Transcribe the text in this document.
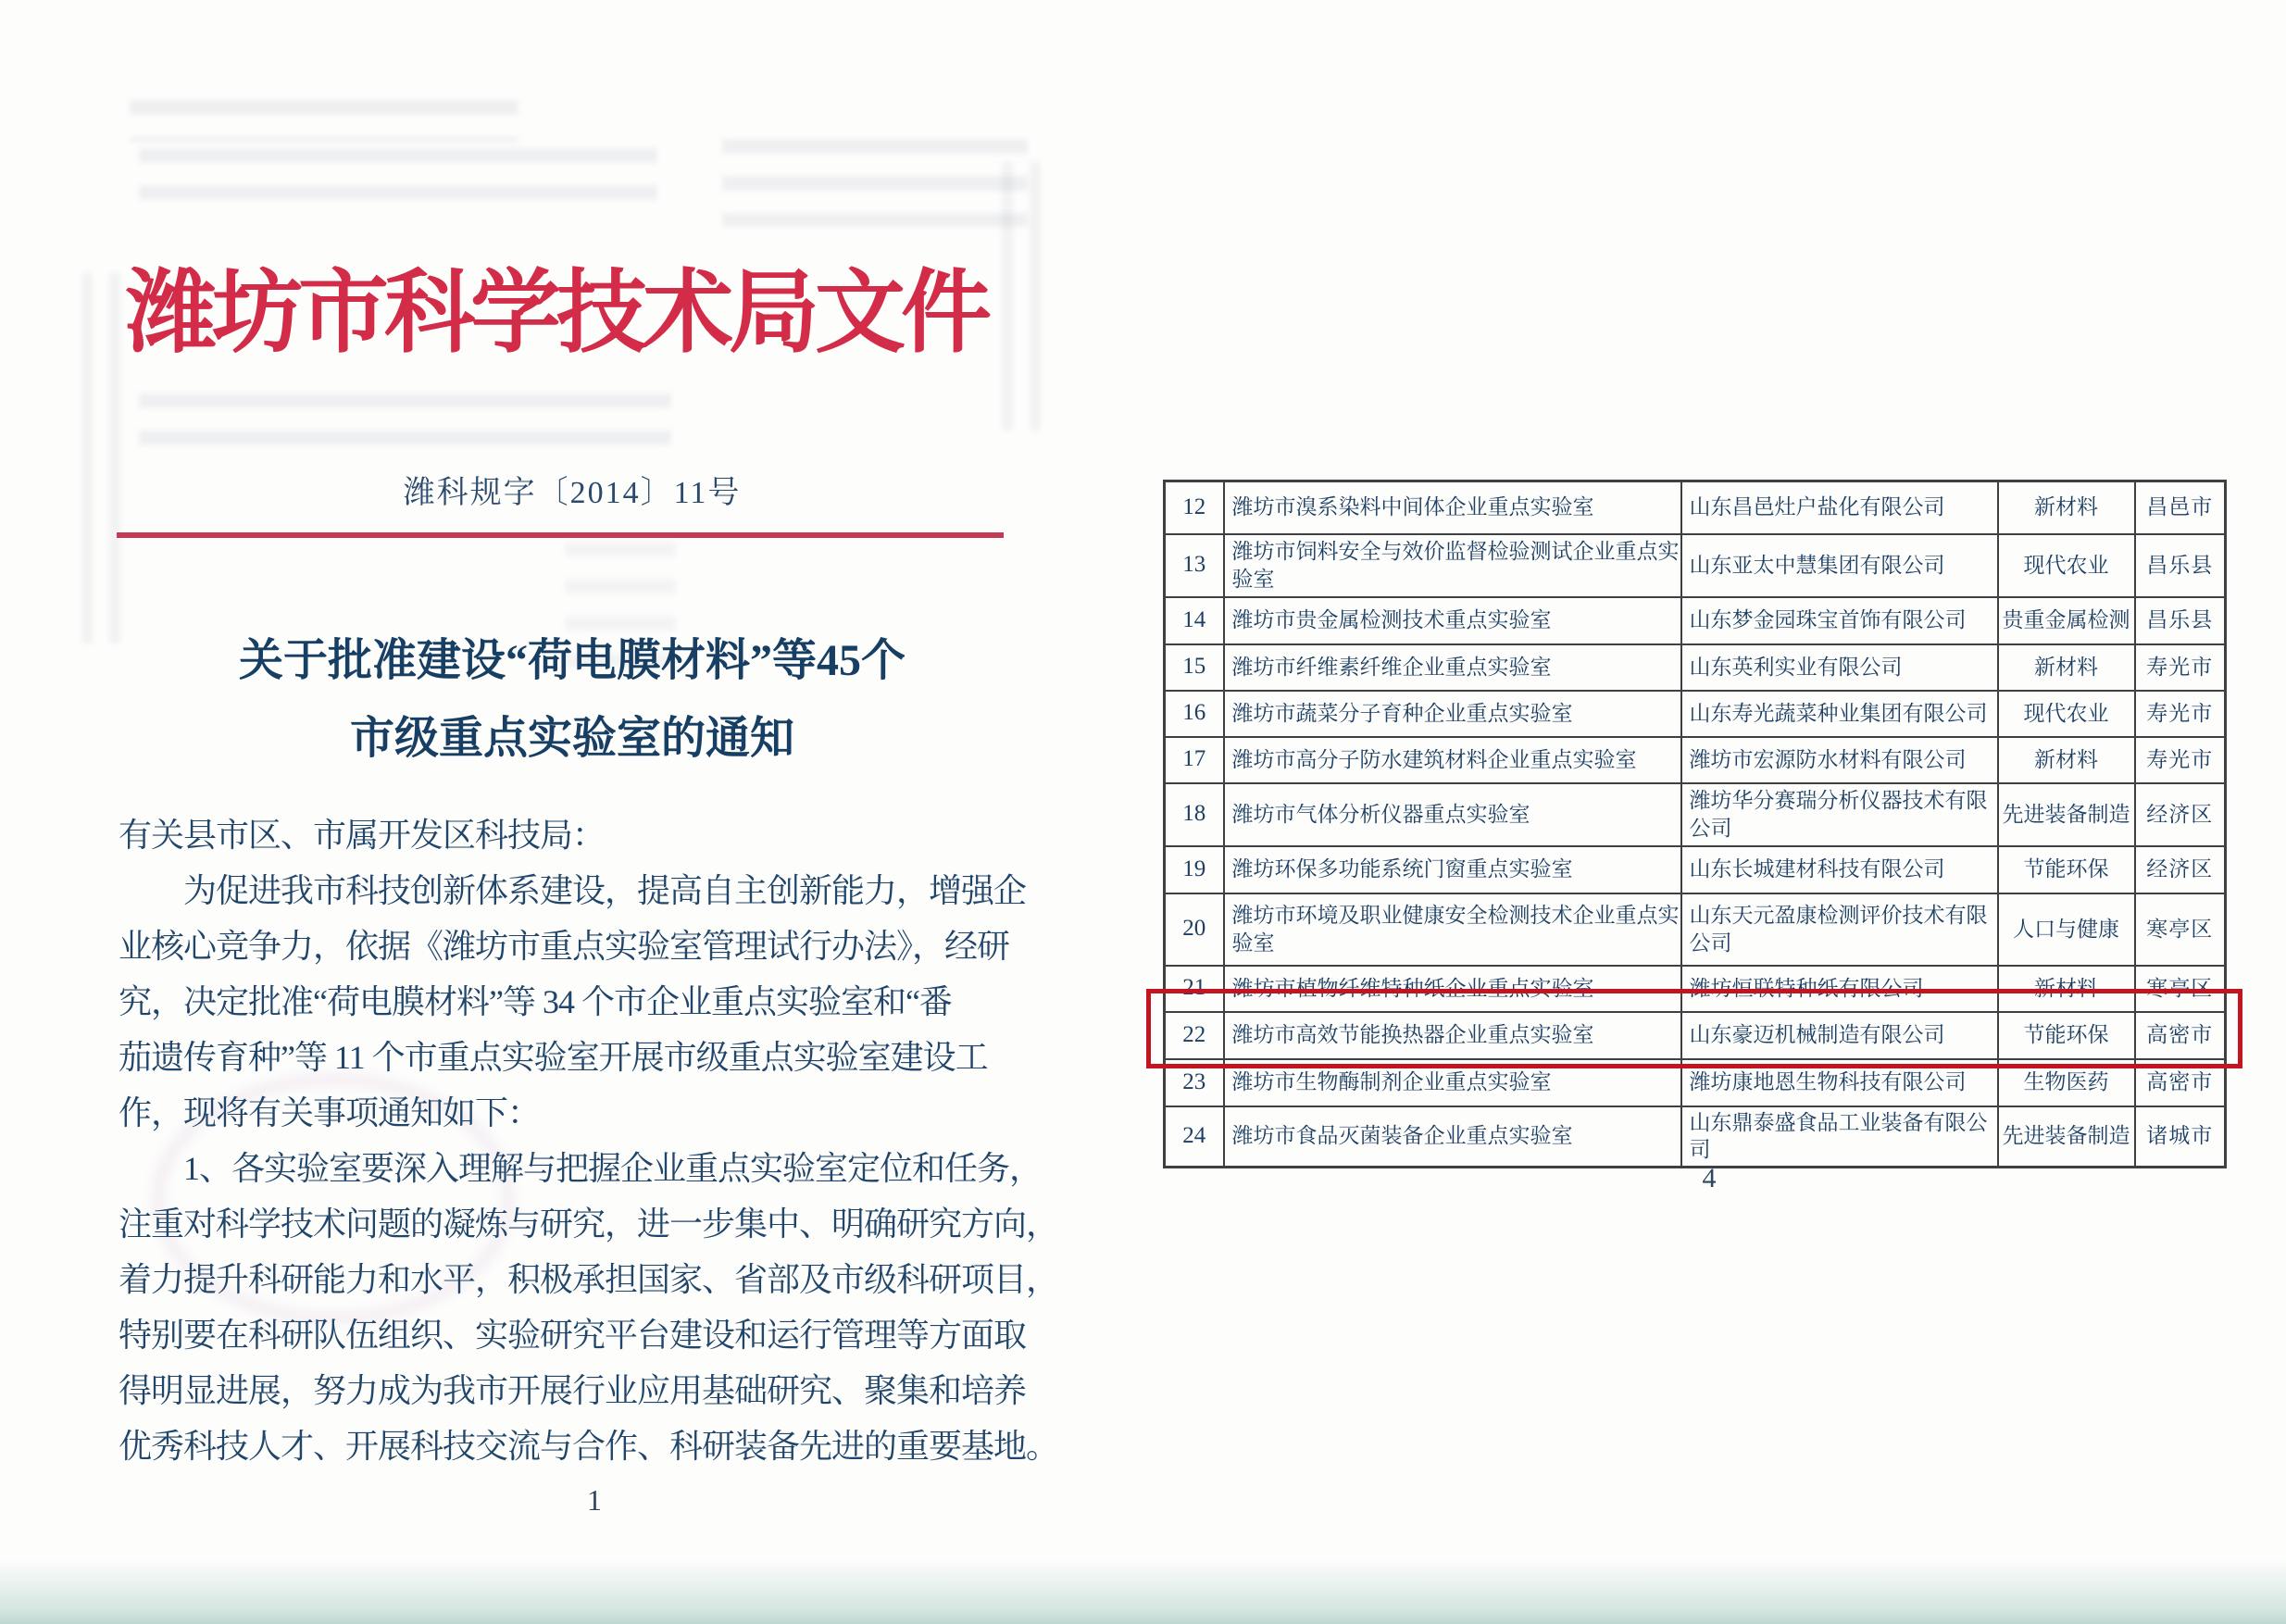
潍坊市科学技术局文件
潍科规字〔2014〕11号
关于批准建设“荷电膜材料”等45个
市级重点实验室的通知
有关县市区、市属开发区科技局：
　　为促进我市科技创新体系建设，提高自主创新能力，增强企
业核心竞争力，依据《潍坊市重点实验室管理试行办法》，经研
究，决定批准“荷电膜材料”等 34 个市企业重点实验室和“番
茄遗传育种”等 11 个市重点实验室开展市级重点实验室建设工
作，现将有关事项通知如下：
　　1、各实验室要深入理解与把握企业重点实验室定位和任务，
注重对科学技术问题的凝炼与研究，进一步集中、明确研究方向，
着力提升科研能力和水平，积极承担国家、省部及市级科研项目，
特别要在科研队伍组织、实验研究平台建设和运行管理等方面取
得明显进展，努力成为我市开展行业应用基础研究、聚集和培养
优秀科技人才、开展科技交流与合作、科研装备先进的重要基地。
1
12	潍坊市溴系染料中间体企业重点实验室	山东昌邑灶户盐化有限公司	新材料	昌邑市
13	潍坊市饲料安全与效价监督检验测试企业重点实验室	山东亚太中慧集团有限公司	现代农业	昌乐县
14	潍坊市贵金属检测技术重点实验室	山东梦金园珠宝首饰有限公司	贵重金属检测	昌乐县
15	潍坊市纤维素纤维企业重点实验室	山东英利实业有限公司	新材料	寿光市
16	潍坊市蔬菜分子育种企业重点实验室	山东寿光蔬菜种业集团有限公司	现代农业	寿光市
17	潍坊市高分子防水建筑材料企业重点实验室	潍坊市宏源防水材料有限公司	新材料	寿光市
18	潍坊市气体分析仪器重点实验室	潍坊华分赛瑞分析仪器技术有限公司	先进装备制造	经济区
19	潍坊环保多功能系统门窗重点实验室	山东长城建材科技有限公司	节能环保	经济区
20	潍坊市环境及职业健康安全检测技术企业重点实验室	山东天元盈康检测评价技术有限公司	人口与健康	寒亭区
21	潍坊市植物纤维特种纸企业重点实验室	潍坊恒联特种纸有限公司	新材料	寒亭区
22	潍坊市高效节能换热器企业重点实验室	山东豪迈机械制造有限公司	节能环保	高密市
23	潍坊市生物酶制剂企业重点实验室	潍坊康地恩生物科技有限公司	生物医药	高密市
24	潍坊市食品灭菌装备企业重点实验室	山东鼎泰盛食品工业装备有限公司	先进装备制造	诸城市
4
